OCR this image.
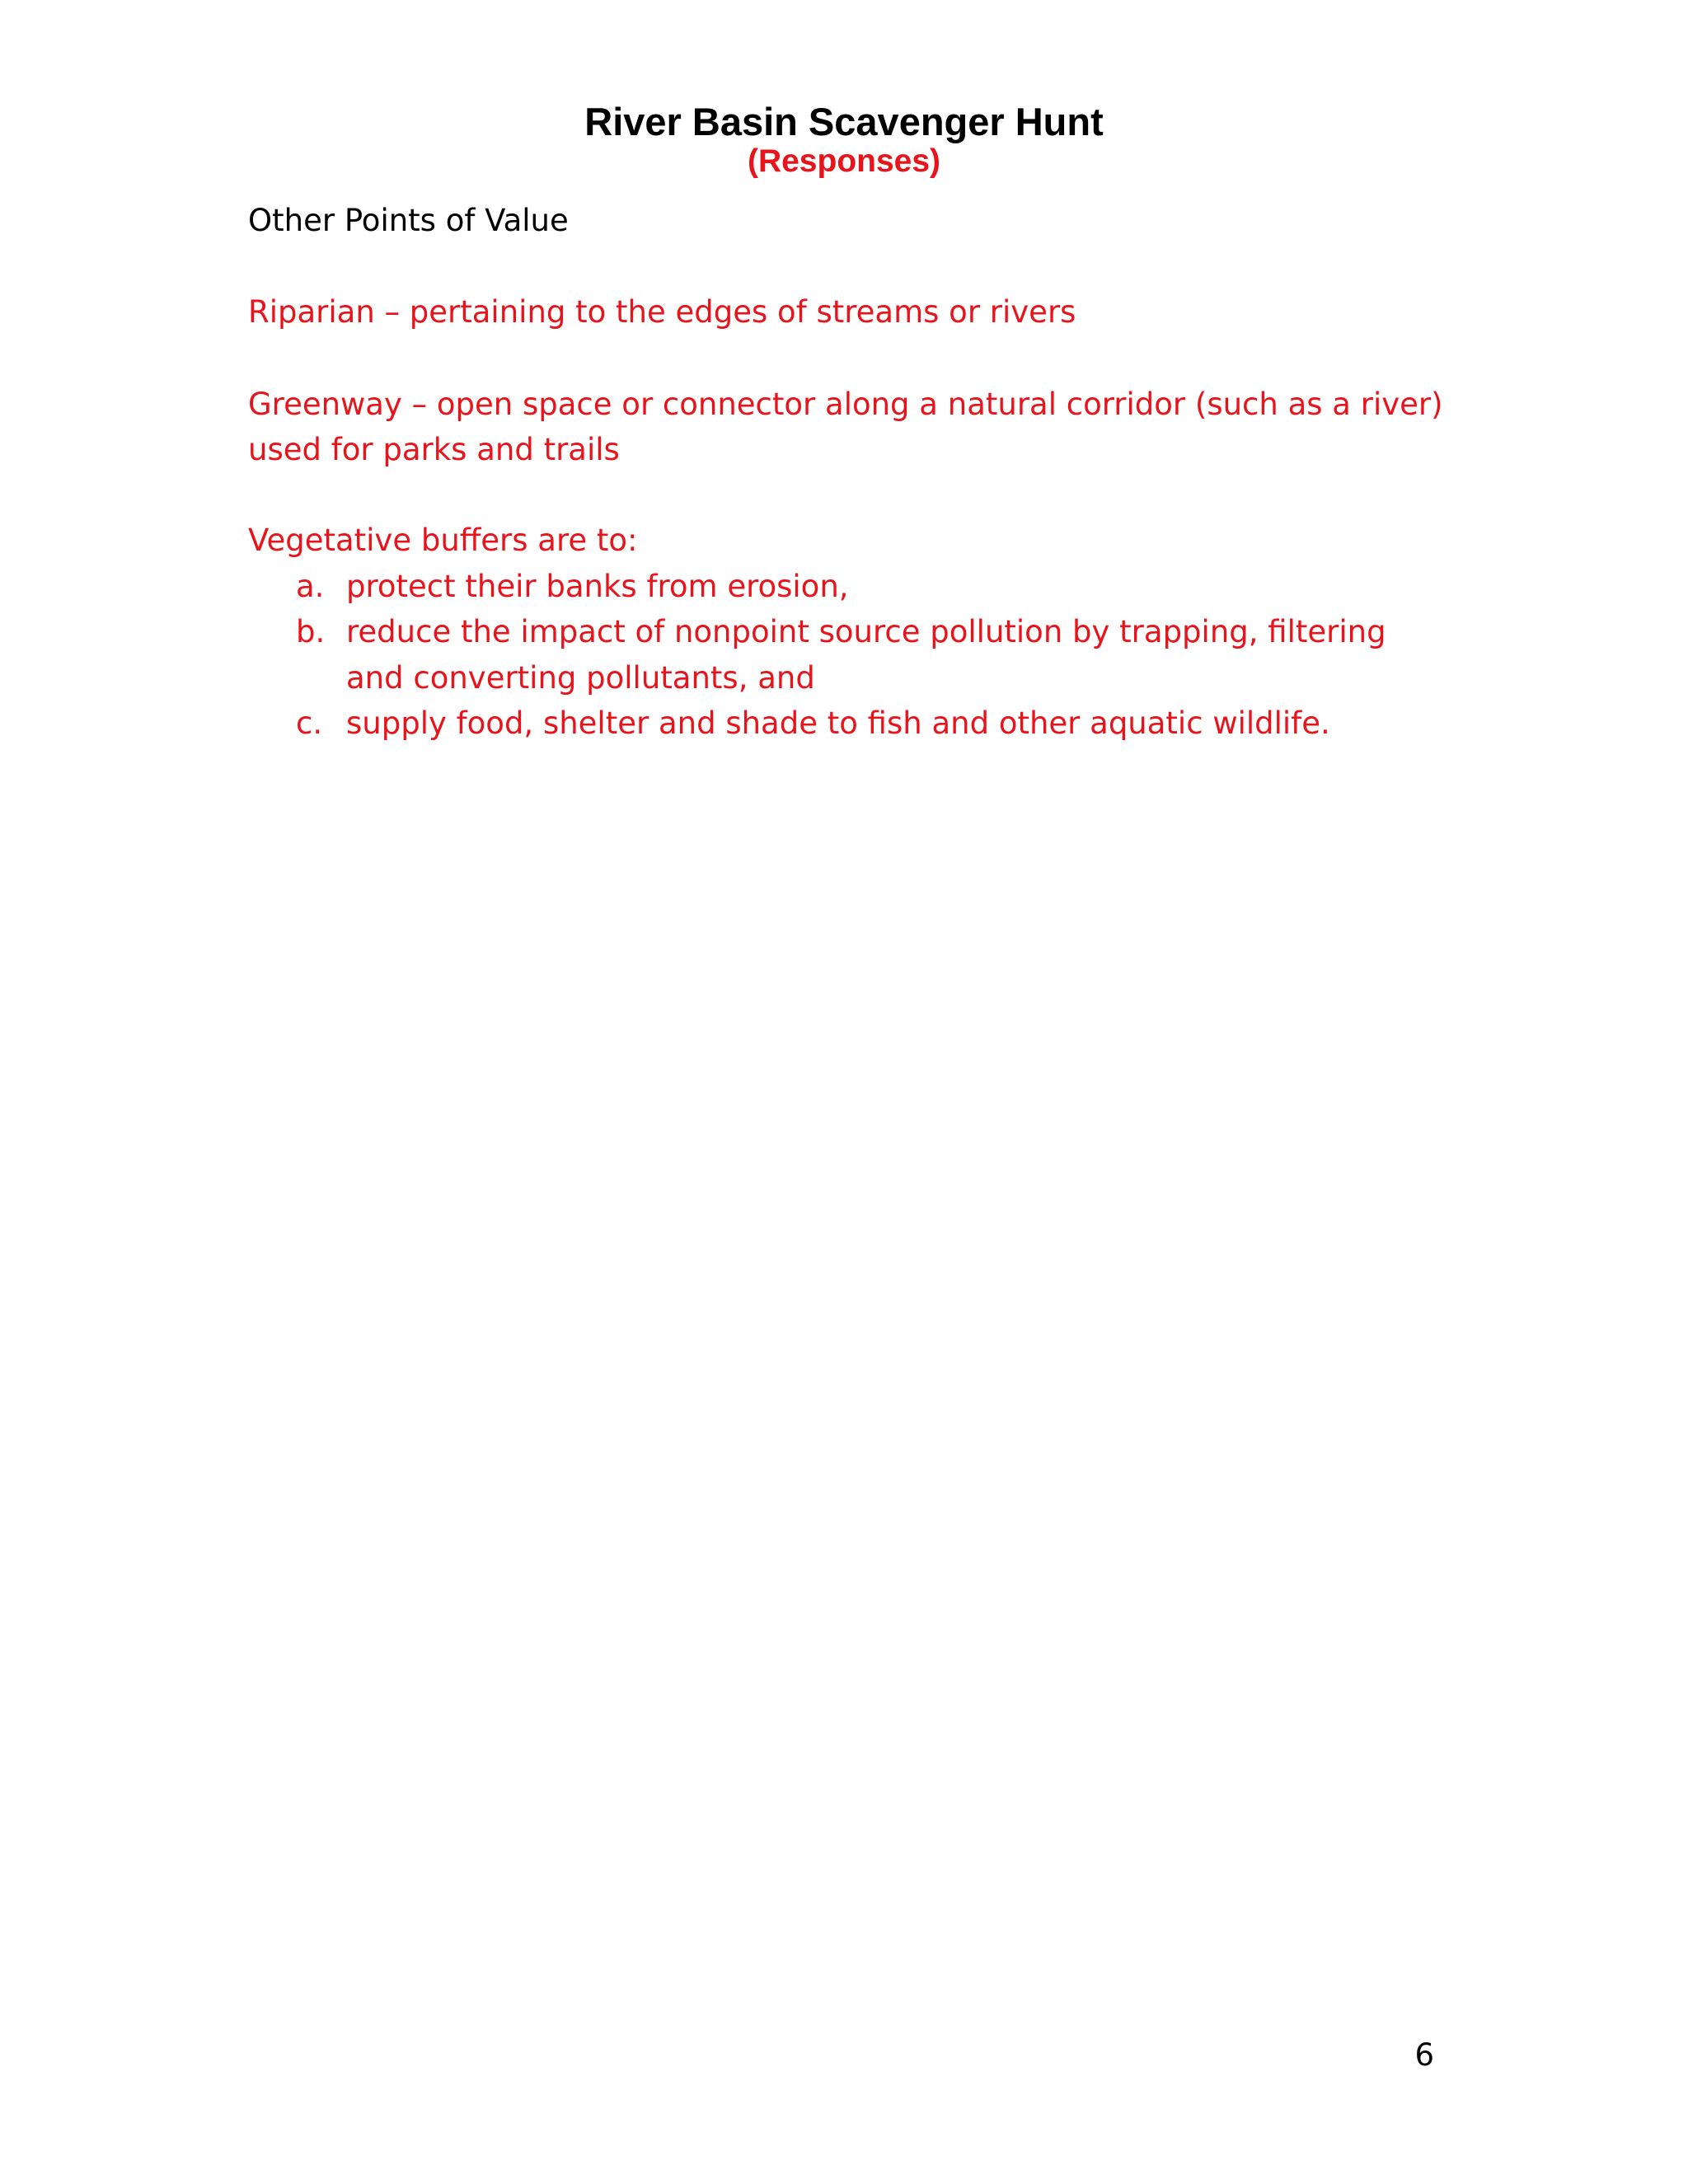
River Basin Scavenger Hunt
(Responses)
Other Points of Value
Riparian – pertaining to the edges of streams or rivers
Greenway – open space or connector along a natural corridor (such as a river)
used for parks and trails
Vegetative buffers are to:
a. protect their banks from erosion,
b. reduce the impact of nonpoint source pollution by trapping, filtering
and converting pollutants, and
c. supply food, shelter and shade to fish and other aquatic wildlife.
6
